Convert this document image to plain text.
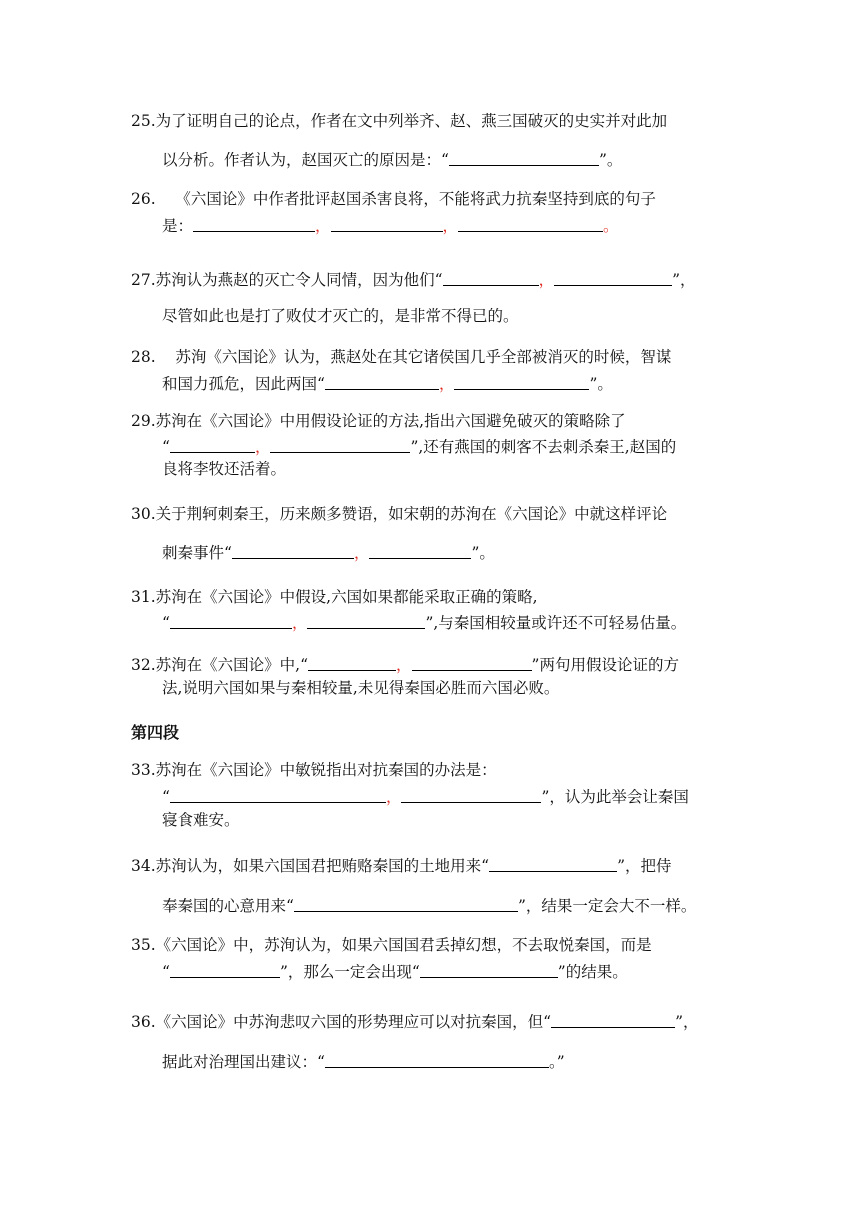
25.为了证明自己的论点，作者在文中列举齐、赵、燕三国破灭的史实并对此加
以分析。作者认为，赵国灭亡的原因是：“	”。
26.    《六国论》中作者批评赵国杀害良将，不能将武力抗秦坚持到底的句子
是：	，	，	。
27.苏洵认为燕赵的灭亡令人同情，因为他们“	，	”，
尽管如此也是打了败仗才灭亡的，是非常不得已的。
28.    苏洵《六国论》认为，燕赵处在其它诸侯国几乎全部被消灭的时候，智谋
和国力孤危，因此两国“	，	”。
29.苏洵在《六国论》中用假设论证的方法,指出六国避免破灭的策略除了
“	，	”,还有燕国的刺客不去刺杀秦王,赵国的
良将李牧还活着。
30.关于荆轲刺秦王，历来颇多赞语，如宋朝的苏洵在《六国论》中就这样评论
刺秦事件“	，	”。
31.苏洵在《六国论》中假设,六国如果都能采取正确的策略,
“	，	”,与秦国相较量或许还不可轻易估量。
32.苏洵在《六国论》中,“	，	”两句用假设论证的方
法,说明六国如果与秦相较量,未见得秦国必胜而六国必败。
第四段
33.苏洵在《六国论》中敏锐指出对抗秦国的办法是：
“	，	”，认为此举会让秦国
寝食难安。
34.苏洵认为，如果六国国君把贿赂秦国的土地用来“	”，把侍
奉秦国的心意用来“	”，结果一定会大不一样。
35.《六国论》中，苏洵认为，如果六国国君丢掉幻想，不去取悦秦国，而是
“	”，那么一定会出现“	”的结果。
36.《六国论》中苏洵悲叹六国的形势理应可以对抗秦国，但“	”，
据此对治理国出建议：“	。”
